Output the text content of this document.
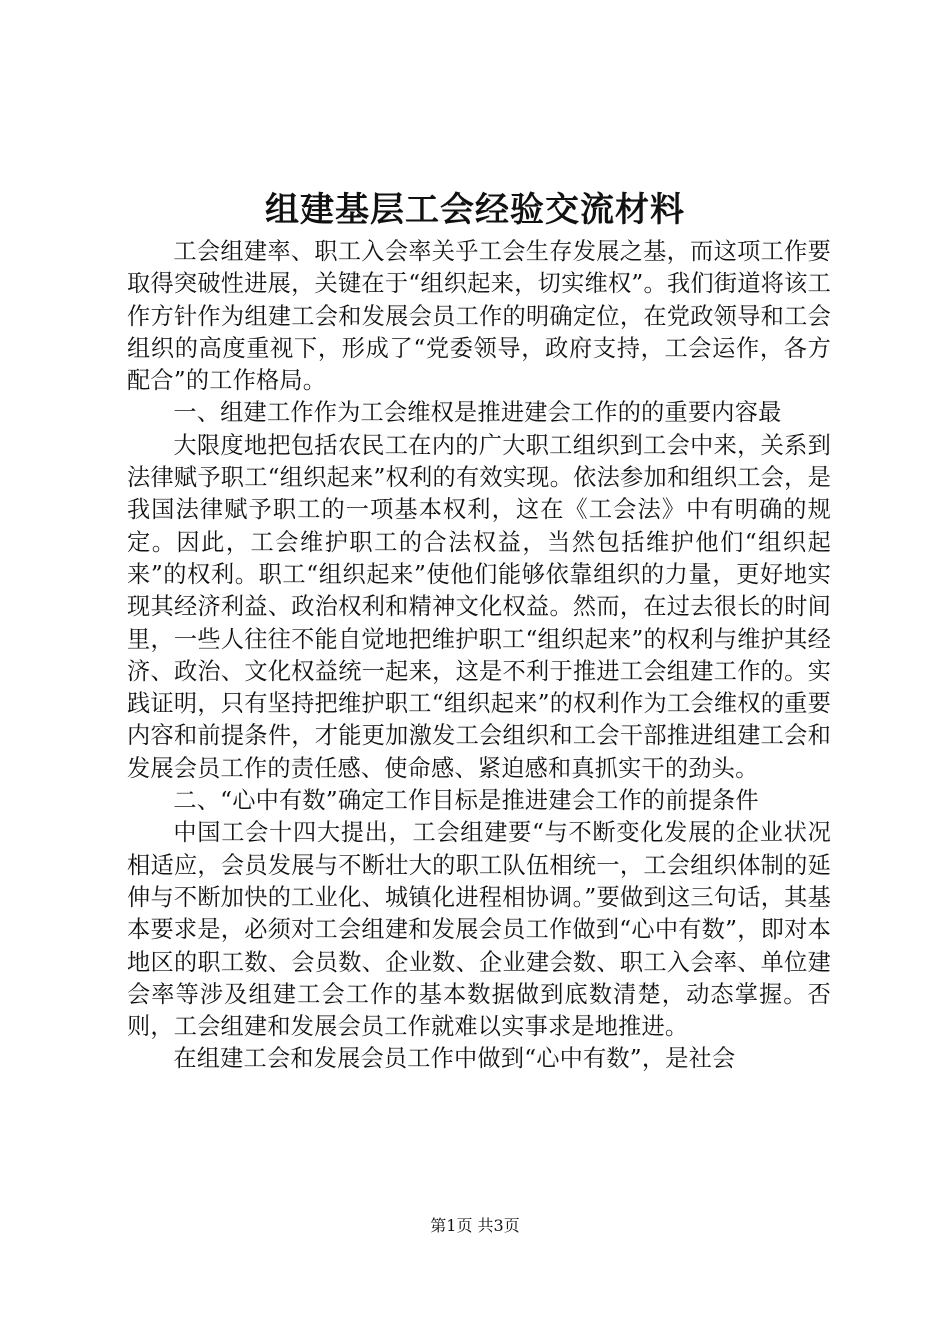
组建基层工会经验交流材料

工会组建率、职工入会率关乎工会生存发展之基，而这项工作要取得突破性进展，关键在于“组织起来，切实维权”。我们街道将该工作方针作为组建工会和发展会员工作的明确定位，在党政领导和工会组织的高度重视下，形成了“党委领导，政府支持，工会运作，各方配合”的工作格局。

一、组建工作作为工会维权是推进建会工作的的重要内容最

大限度地把包括农民工在内的广大职工组织到工会中来，关系到法律赋予职工“组织起来”权利的有效实现。依法参加和组织工会，是我国法律赋予职工的一项基本权利，这在《工会法》中有明确的规定。因此，工会维护职工的合法权益，当然包括维护他们“组织起来”的权利。职工“组织起来”使他们能够依靠组织的力量，更好地实现其经济利益、政治权利和精神文化权益。然而，在过去很长的时间里，一些人往往不能自觉地把维护职工“组织起来”的权利与维护其经济、政治、文化权益统一起来，这是不利于推进工会组建工作的。实践证明，只有坚持把维护职工“组织起来”的权利作为工会维权的重要内容和前提条件，才能更加激发工会组织和工会干部推进组建工会和发展会员工作的责任感、使命感、紧迫感和真抓实干的劲头。

二、“心中有数”确定工作目标是推进建会工作的前提条件

中国工会十四大提出，工会组建要“与不断变化发展的企业状况相适应，会员发展与不断壮大的职工队伍相统一，工会组织体制的延伸与不断加快的工业化、城镇化进程相协调。”要做到这三句话，其基本要求是，必须对工会组建和发展会员工作做到“心中有数”，即对本地区的职工数、会员数、企业数、企业建会数、职工入会率、单位建会率等涉及组建工会工作的基本数据做到底数清楚，动态掌握。否则，工会组建和发展会员工作就难以实事求是地推进。

在组建工会和发展会员工作中做到“心中有数”，是社会

第1页 共3页
